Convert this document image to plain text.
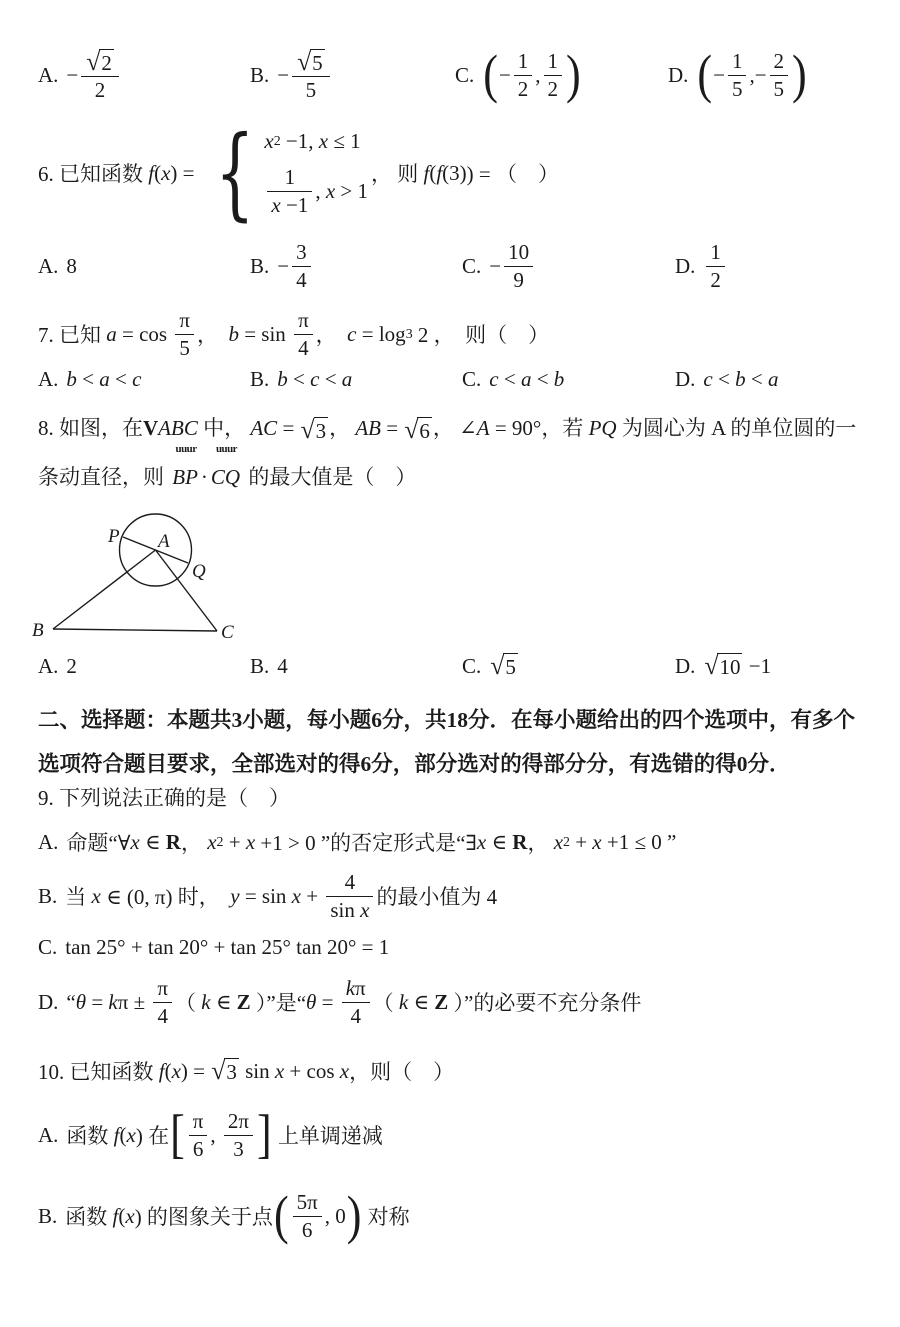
A. − √ 2
2
B. − √ 5
5
C. ( −
1
2
,
1
2 )	D. ( −
1
5
,−
2
5 )
6. 已知函数 f ( x ) = { x 2 −1, x ≤ 1
$\frac{1}{x -1}$ , x > 1
， 则 f ( f (3) ) = （　）
A. 8	B. −
3
4
C. −
10
9
D.
1
2
7. 已知 a = cos
π
5
， b = sin
π
4
， c = log 3 2 ，  则（　）
A. b < a < c	B. b < c < a	C. c < a < b	D. c < b < a
8. 如图，在VABC 中， AC = √ 3 ， AB = √ 6 ， ∠A = 90°，若 PQ 为圆心为 A 的单位圆的一条动直径，则
uuur
BP ·
uuur
CQ 的最大值是（　）
P A
Q
B	C
A. 2	B. 4	C. √ 5	D. √ 10 −1
二、选择题：本题共3小题，每小题6分，共18分．在每小题给出的四个选项中，有多个选项符合题目要求，全部选对的得6分，部分选对的得部分分，有选错的得0分．
9. 下列说法正确的是（　）
A. 命题“∀ x ∈ R ， x 2 + x +1 > 0 ”的否定形式是“∃ x ∈ R ， x 2 + x +1 ≤ 0 ”
B. 当 x ∈ (0, π) 时， y = sin x +
4
sin x
的最小值为 4
C. tan 25° + tan 20° + tan 25° tan 20° = 1
D. “ θ = k π ±
π
4
（ k ∈ Z ）”是“ θ =
kπ
4
（ k ∈ Z ）”的必要不充分条件
10. 已知函数 f ( x ) = √ 3 sin x + cos x ，则（　）
A. 函数 f ( x ) 在 [ π
6
,
2π
3 ] 上单调递减
B. 函数 f ( x ) 的图象关于点 ( 5π
6
, 0 ) 对称
